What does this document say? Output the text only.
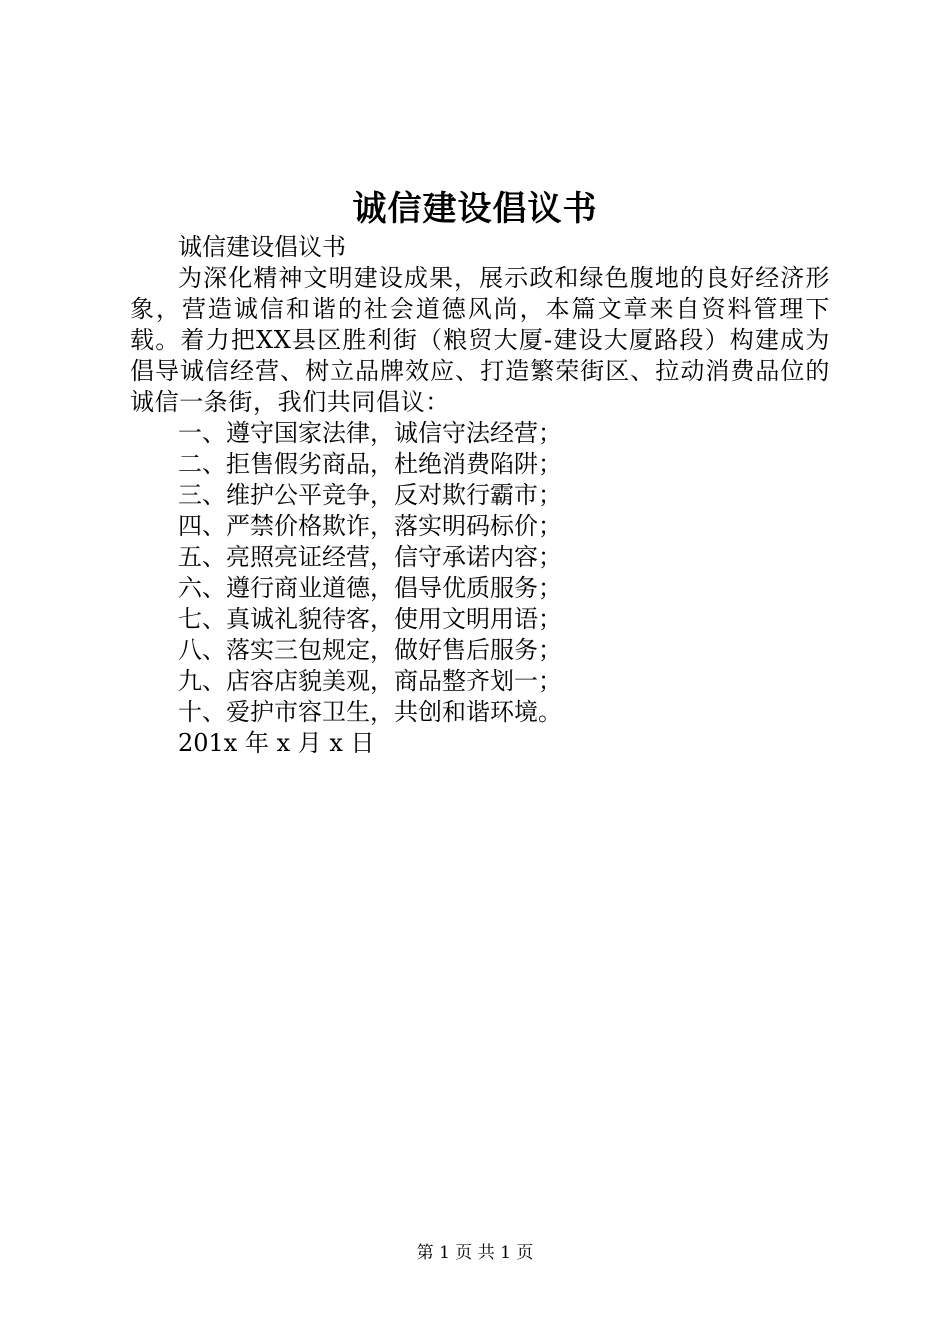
诚信建设倡议书
诚信建设倡议书
为深化精神文明建设成果，展示政和绿色腹地的良好经济形象，营造诚信和谐的社会道德风尚，本篇文章来自资料管理下载。着力把XX县区胜利街（粮贸大厦-建设大厦路段）构建成为倡导诚信经营、树立品牌效应、打造繁荣街区、拉动消费品位的诚信一条街，我们共同倡议：
一、遵守国家法律，诚信守法经营；
二、拒售假劣商品，杜绝消费陷阱；
三、维护公平竞争，反对欺行霸市；
四、严禁价格欺诈，落实明码标价；
五、亮照亮证经营，信守承诺内容；
六、遵行商业道德，倡导优质服务；
七、真诚礼貌待客，使用文明用语；
八、落实三包规定，做好售后服务；
九、店容店貌美观，商品整齐划一；
十、爱护市容卫生，共创和谐环境。
201x 年 x 月 x 日
第 1 页 共 1 页
